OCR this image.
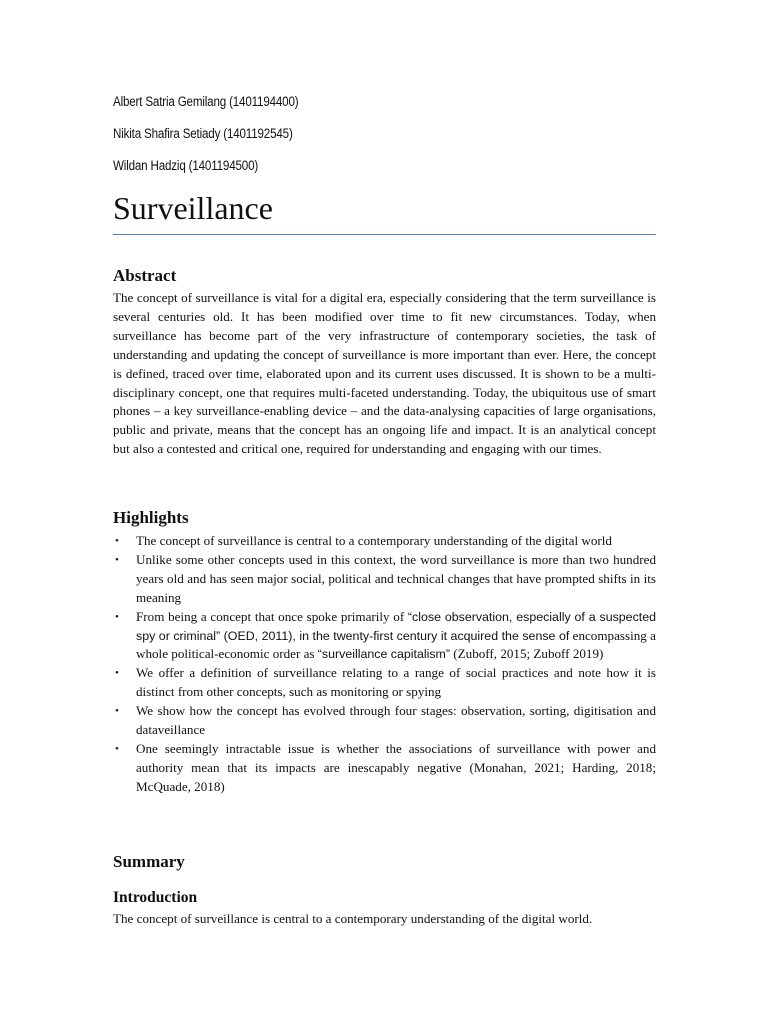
Albert Satria Gemilang (1401194400)
Nikita Shafira Setiady (1401192545)
Wildan Hadziq (1401194500)
Surveillance
Abstract

The concept of surveillance is vital for a digital era, especially considering that the term surveillance is several centuries old. It has been modified over time to fit new circumstances. Today, when surveillance has become part of the very infrastructure of contemporary societies, the task of understanding and updating the concept of surveillance is more important than ever. Here, the concept is defined, traced over time, elaborated upon and its current uses discussed. It is shown to be a multi-disciplinary concept, one that requires multi-faceted understanding. Today, the ubiquitous use of smart phones – a key surveillance-enabling device – and the data-analysing capacities of large organisations, public and private, means that the concept has an ongoing life and impact. It is an analytical concept but also a contested and critical one, required for understanding and engaging with our times.

Highlights
• The concept of surveillance is central to a contemporary understanding of the digital world
• Unlike some other concepts used in this context, the word surveillance is more than two hundred years old and has seen major social, political and technical changes that have prompted shifts in its meaning
• From being a concept that once spoke primarily of “close observation, especially of a suspected spy or criminal” (OED, 2011), in the twenty-first century it acquired the sense of encompassing a whole political-economic order as “surveillance capitalism” (Zuboff, 2015; Zuboff 2019)
• We offer a definition of surveillance relating to a range of social practices and note how it is distinct from other concepts, such as monitoring or spying
• We show how the concept has evolved through four stages: observation, sorting, digitisation and dataveillance
• One seemingly intractable issue is whether the associations of surveillance with power and authority mean that its impacts are inescapably negative (Monahan, 2021; Harding, 2018; McQuade, 2018)
Summary
Introduction

The concept of surveillance is central to a contemporary understanding of the digital world.
